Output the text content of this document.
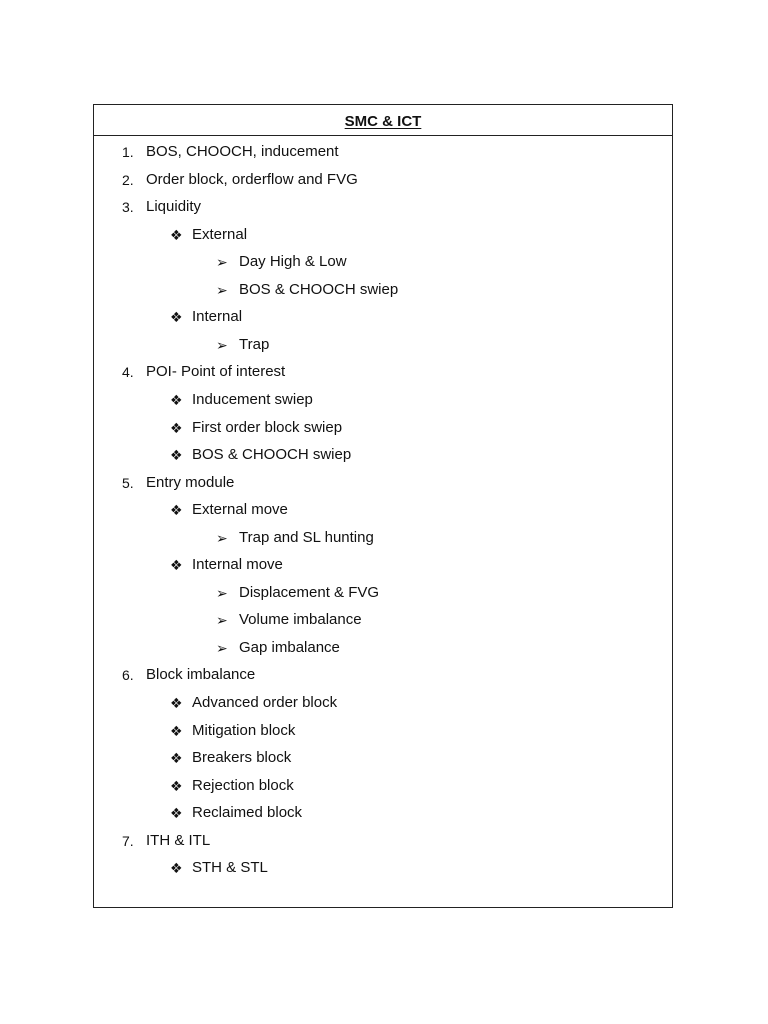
SMC & ICT
1. BOS, CHOOCH, inducement
2. Order block, orderflow and FVG
3. Liquidity
❖ External
➢ Day High & Low
➢ BOS & CHOOCH swiep
❖ Internal
➢ Trap
4. POI- Point of interest
❖ Inducement swiep
❖ First order block swiep
❖ BOS & CHOOCH swiep
5. Entry module
❖ External move
➢ Trap and SL hunting
❖ Internal move
➢ Displacement & FVG
➢ Volume imbalance
➢ Gap imbalance
6. Block imbalance
❖ Advanced order block
❖ Mitigation block
❖ Breakers block
❖ Rejection block
❖ Reclaimed block
7. ITH & ITL
❖ STH & STL
